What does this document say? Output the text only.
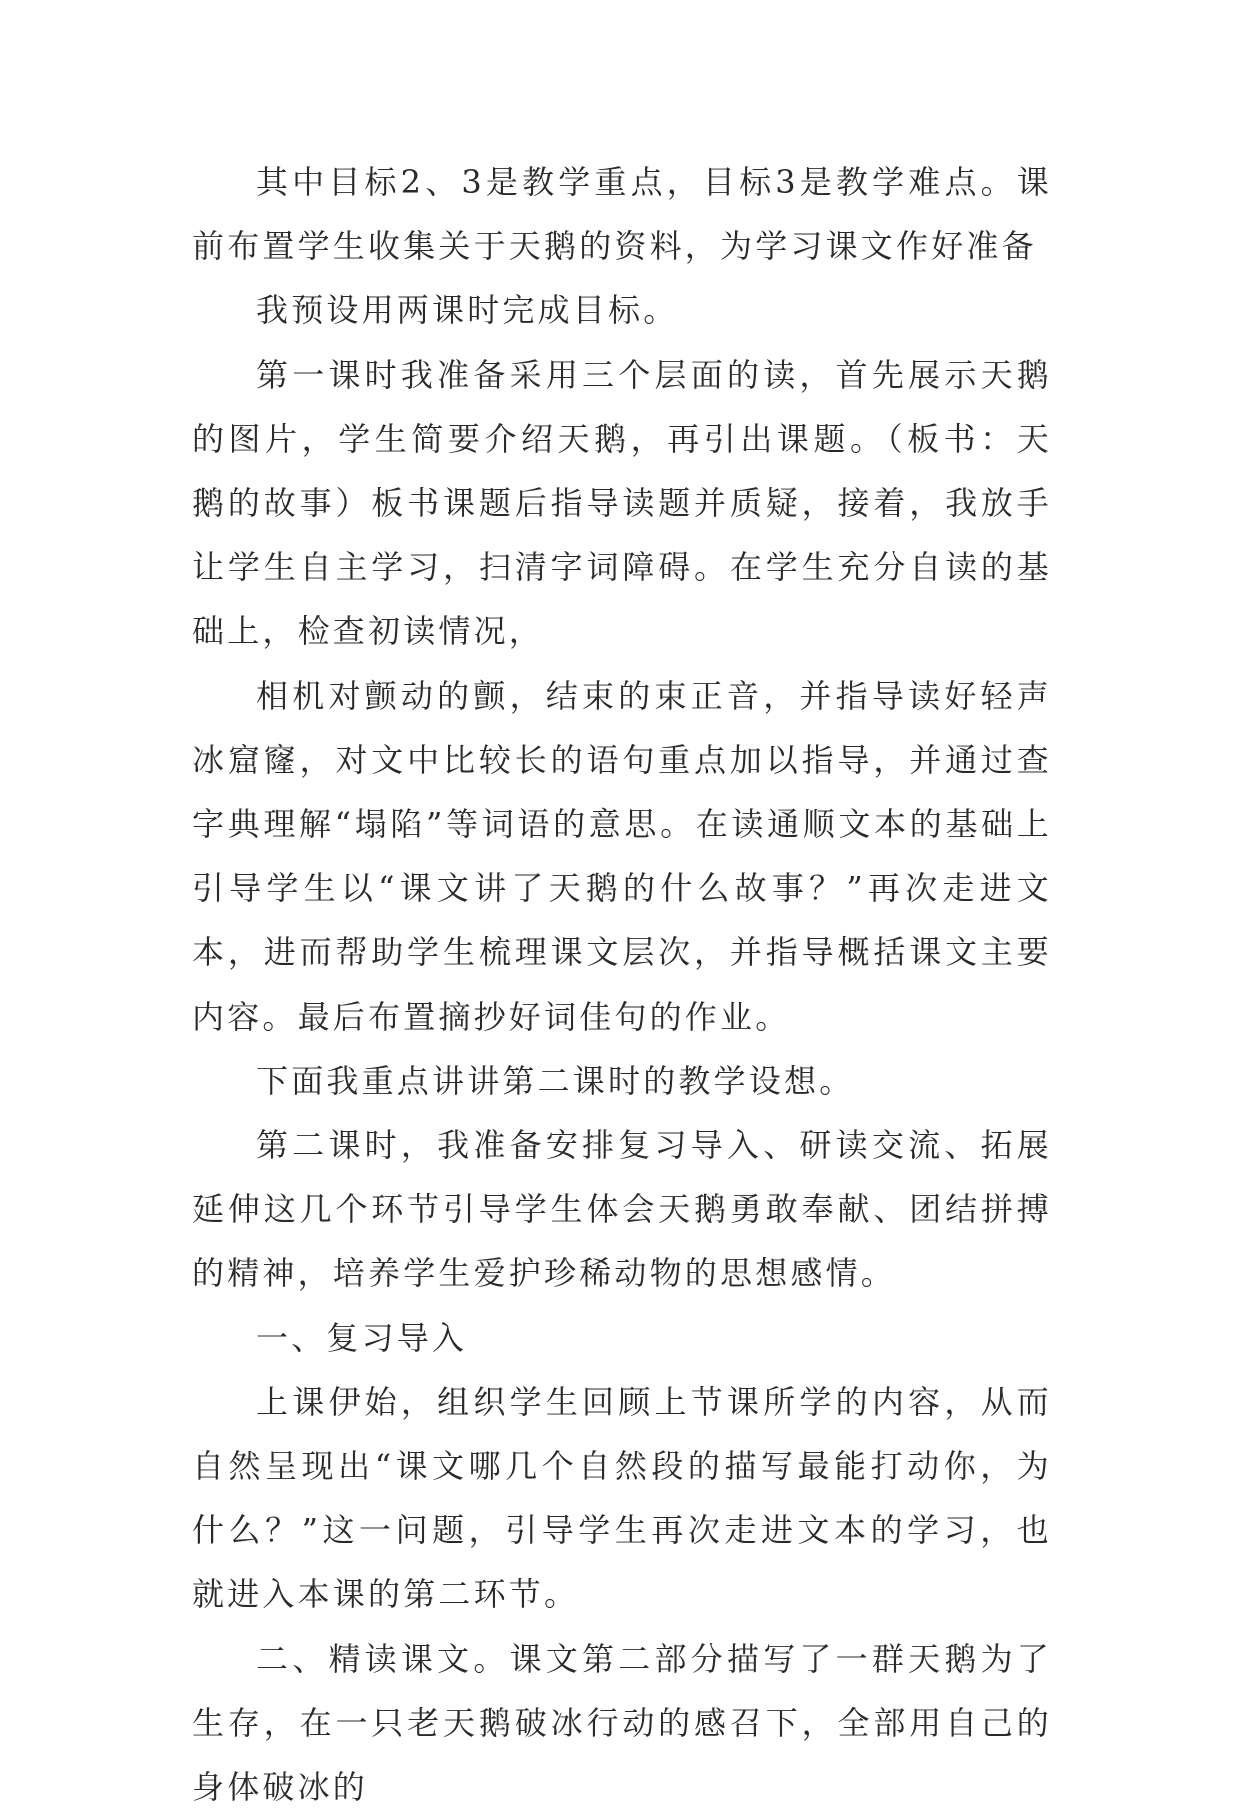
其中目标2、3是教学重点，目标3是教学难点。课前布置学生收集关于天鹅的资料，为学习课文作好准备

我预设用两课时完成目标。

第一课时我准备采用三个层面的读，首先展示天鹅的图片，学生简要介绍天鹅，再引出课题。（板书：天鹅的故事）板书课题后指导读题并质疑，接着，我放手让学生自主学习，扫清字词障碍。在学生充分自读的基础上，检查初读情况，

相机对颤动的颤，结束的束正音，并指导读好轻声冰窟窿，对文中比较长的语句重点加以指导，并通过查字典理解“塌陷”等词语的意思。在读通顺文本的基础上引导学生以“课文讲了天鹅的什么故事？”再次走进文本，进而帮助学生梳理课文层次，并指导概括课文主要内容。最后布置摘抄好词佳句的作业。

下面我重点讲讲第二课时的教学设想。

第二课时，我准备安排复习导入、研读交流、拓展延伸这几个环节引导学生体会天鹅勇敢奉献、团结拼搏的精神，培养学生爱护珍稀动物的思想感情。

一、复习导入

上课伊始，组织学生回顾上节课所学的内容，从而自然呈现出“课文哪几个自然段的描写最能打动你，为什么？”这一问题，引导学生再次走进文本的学习，也就进入本课的第二环节。

二、精读课文。课文第二部分描写了一群天鹅为了生存，在一只老天鹅破冰行动的感召下，全部用自己的身体破冰的
